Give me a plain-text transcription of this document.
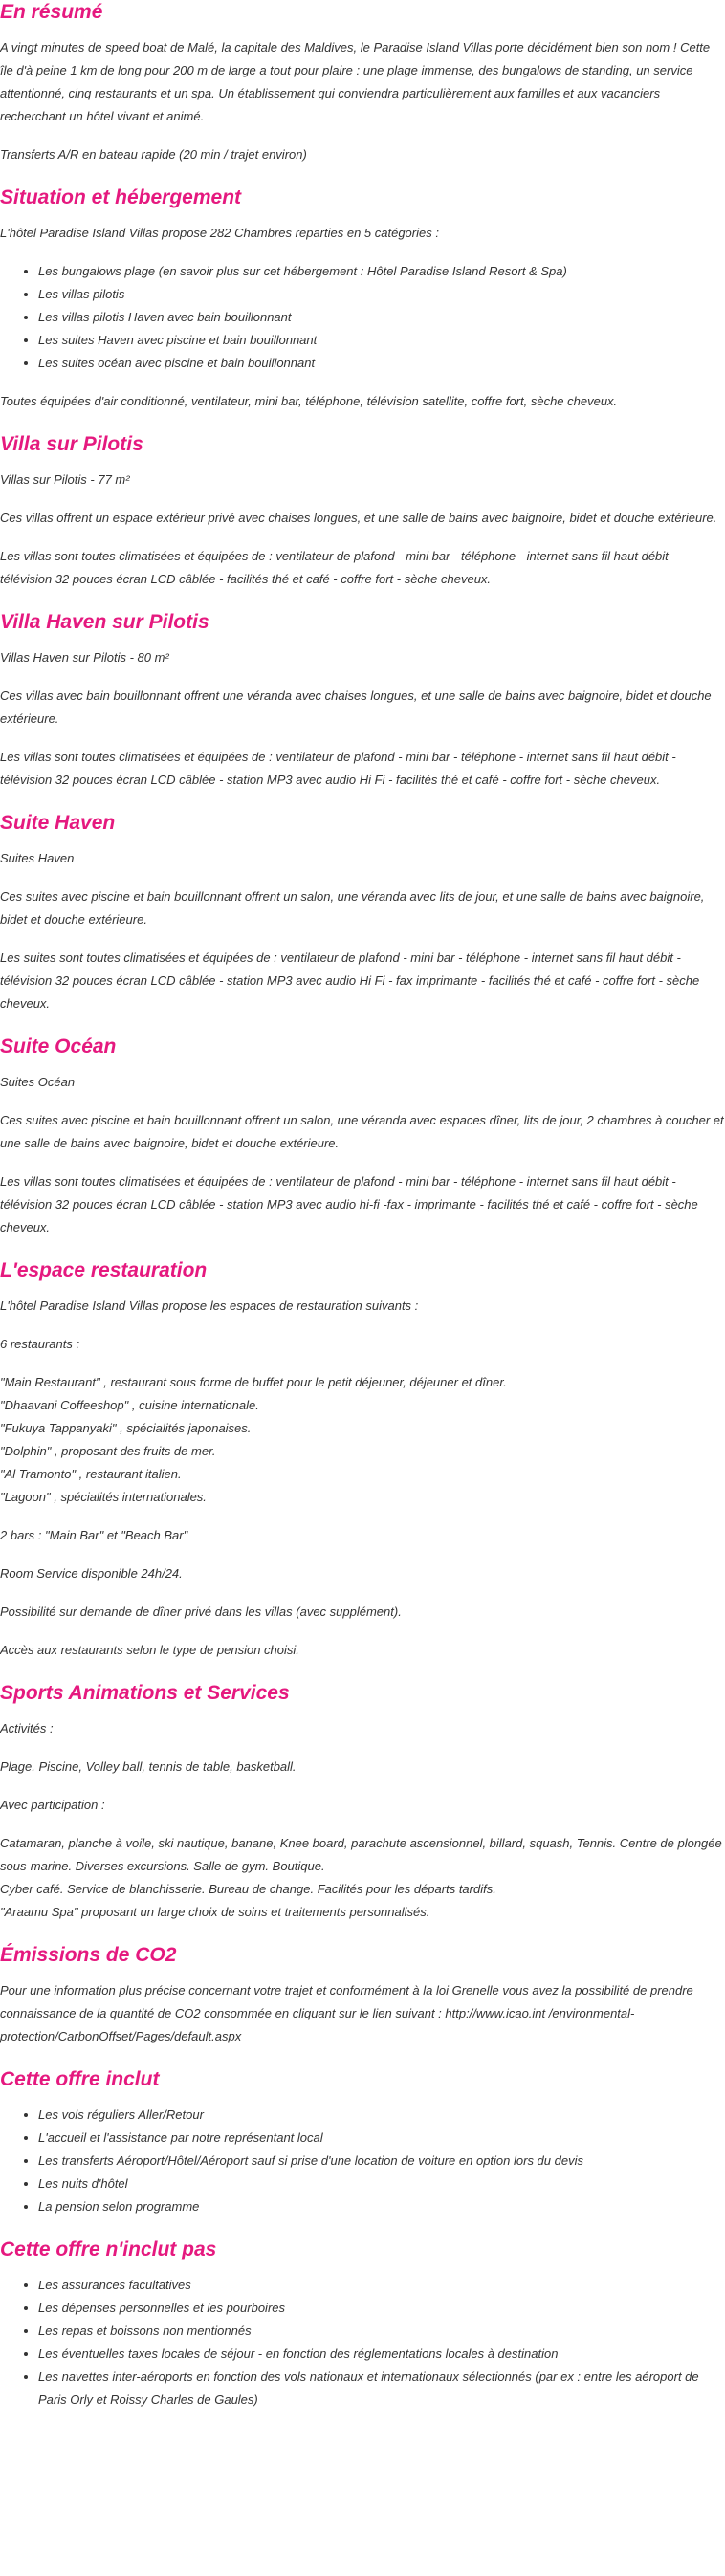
En résumé

A vingt minutes de speed boat de Malé, la capitale des Maldives, le Paradise Island Villas porte décidément bien son nom ! Cette île d'à peine 1 km de long pour 200 m de large a tout pour plaire : une plage immense, des bungalows de standing, un service attentionné, cinq restaurants et un spa. Un établissement qui conviendra particulièrement aux familles et aux vacanciers recherchant un hôtel vivant et animé.

Transferts A/R en bateau rapide (20 min / trajet environ)

Situation et hébergement

L'hôtel Paradise Island Villas propose 282 Chambres reparties en 5 catégories :

• Les bungalows plage (en savoir plus sur cet hébergement : Hôtel Paradise Island Resort & Spa)
• Les villas pilotis
• Les villas pilotis Haven avec bain bouillonnant
• Les suites Haven avec piscine et bain bouillonnant
• Les suites océan avec piscine et bain bouillonnant

Toutes équipées d'air conditionné, ventilateur, mini bar, téléphone, télévision satellite, coffre fort, sèche cheveux.

Villa sur Pilotis

Villas sur Pilotis - 77 m²

Ces villas offrent un espace extérieur privé avec chaises longues, et une salle de bains avec baignoire, bidet et douche extérieure.

Les villas sont toutes climatisées et équipées de : ventilateur de plafond - mini bar - téléphone - internet sans fil haut débit - télévision 32 pouces écran LCD câblée - facilités thé et café - coffre fort - sèche cheveux.

Villa Haven sur Pilotis

Villas Haven sur Pilotis - 80 m²

Ces villas avec bain bouillonnant offrent une véranda avec chaises longues, et une salle de bains avec baignoire, bidet et douche extérieure.

Les villas sont toutes climatisées et équipées de : ventilateur de plafond - mini bar - téléphone - internet sans fil haut débit - télévision 32 pouces écran LCD câblée - station MP3 avec audio Hi Fi - facilités thé et café - coffre fort - sèche cheveux.

Suite Haven

Suites Haven

Ces suites avec piscine et bain bouillonnant offrent un salon, une véranda avec lits de jour, et une salle de bains avec baignoire, bidet et douche extérieure.

Les suites sont toutes climatisées et équipées de : ventilateur de plafond - mini bar - téléphone - internet sans fil haut débit - télévision 32 pouces écran LCD câblée - station MP3 avec audio Hi Fi - fax imprimante - facilités thé et café - coffre fort - sèche cheveux.

Suite Océan

Suites Océan

Ces suites avec piscine et bain bouillonnant offrent un salon, une véranda avec espaces dîner, lits de jour, 2 chambres à coucher et une salle de bains avec baignoire, bidet et douche extérieure.

Les villas sont toutes climatisées et équipées de : ventilateur de plafond - mini bar - téléphone - internet sans fil haut débit - télévision 32 pouces écran LCD câblée - station MP3 avec audio hi-fi -fax - imprimante - facilités thé et café - coffre fort - sèche cheveux.

L'espace restauration

L'hôtel Paradise Island Villas propose les espaces de restauration suivants :

6 restaurants :

"Main Restaurant" , restaurant sous forme de buffet pour le petit déjeuner, déjeuner et dîner.
"Dhaavani Coffeeshop" , cuisine internationale.
"Fukuya Tappanyaki" , spécialités japonaises.
"Dolphin" , proposant des fruits de mer.
"Al Tramonto" , restaurant italien.
"Lagoon" , spécialités internationales.

2 bars : "Main Bar" et "Beach Bar"

Room Service disponible 24h/24.

Possibilité sur demande de dîner privé dans les villas (avec supplément).

Accès aux restaurants selon le type de pension choisi.

Sports Animations et Services

Activités :

Plage. Piscine, Volley ball, tennis de table, basketball.

Avec participation :

Catamaran, planche à voile, ski nautique, banane, Knee board, parachute ascensionnel, billard, squash, Tennis. Centre de plongée sous-marine. Diverses excursions. Salle de gym. Boutique.
Cyber café. Service de blanchisserie. Bureau de change. Facilités pour les départs tardifs.
"Araamu Spa" proposant un large choix de soins et traitements personnalisés.
Émissions de CO2

Pour une information plus précise concernant votre trajet et conformément à la loi Grenelle vous avez la possibilité de prendre connaissance de la quantité de CO2 consommée en cliquant sur le lien suivant : http://www.icao.int /environmental-protection/CarbonOffset/Pages/default.aspx

Cette offre inclut
• Les vols réguliers Aller/Retour
• L'accueil et l'assistance par notre représentant local
• Les transferts Aéroport/Hôtel/Aéroport sauf si prise d'une location de voiture en option lors du devis
• Les nuits d'hôtel
• La pension selon programme
Cette offre n'inclut pas
• Les assurances facultatives
• Les dépenses personnelles et les pourboires
• Les repas et boissons non mentionnés
• Les éventuelles taxes locales de séjour - en fonction des réglementations locales à destination
• Les navettes inter-aéroports en fonction des vols nationaux et internationaux sélectionnés (par ex : entre les aéroport de Paris Orly et Roissy Charles de Gaules)
